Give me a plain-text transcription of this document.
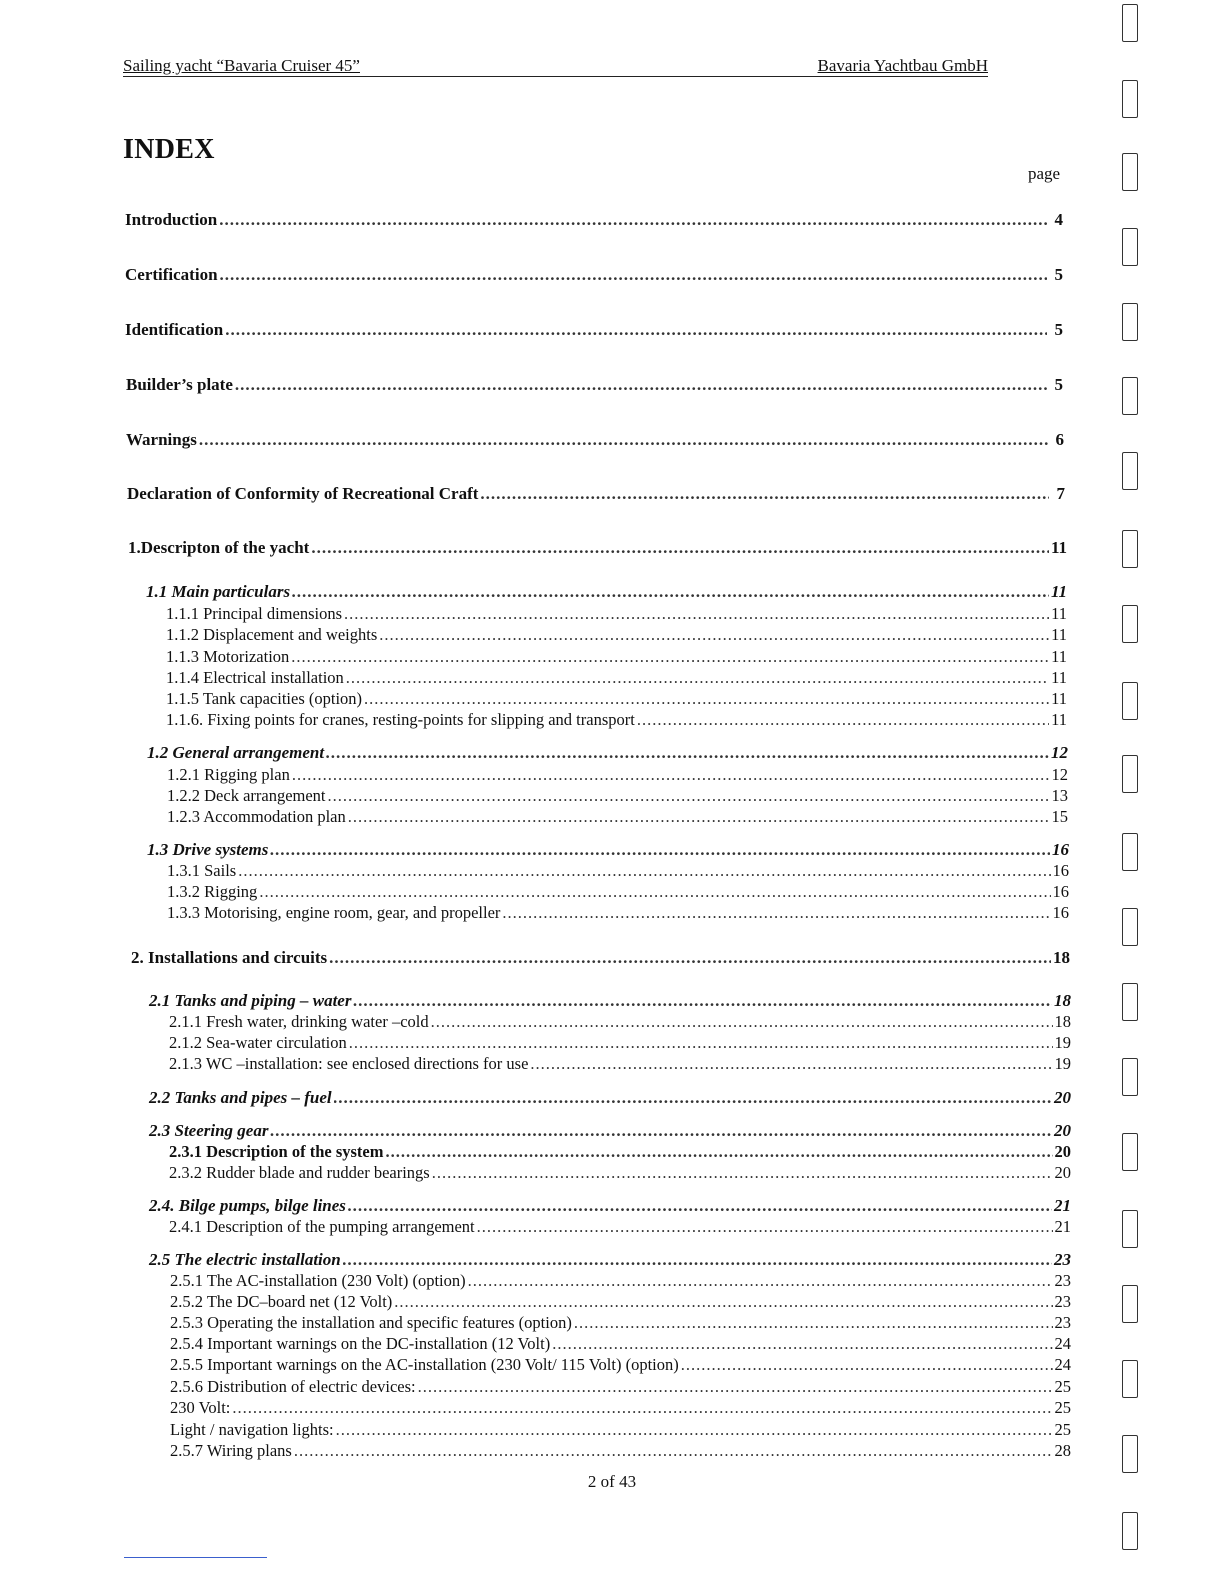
Sailing yacht “Bavaria Cruiser 45”	Bavaria Yachtbau GmbH
INDEX
page
Introduction .....	4
Certification .....	5
Identification .....	5
Builder’s plate .....	5
Warnings .....	6
Declaration of Conformity of Recreational Craft .....	7
1.Descripton of the yacht .....	11
1.1 Main particulars .....	11
1.1.1 Principal dimensions .....	11
1.1.2 Displacement and weights .....	11
1.1.3 Motorization .....	11
1.1.4 Electrical installation .....	11
1.1.5 Tank capacities (option) .....	11
1.1.6. Fixing points for cranes, resting-points for slipping and transport .....	11
1.2 General arrangement .....	12
1.2.1 Rigging plan .....	12
1.2.2 Deck arrangement .....	13
1.2.3 Accommodation plan .....	15
1.3 Drive systems .....	16
1.3.1 Sails .....	16
1.3.2 Rigging .....	16
1.3.3 Motorising, engine room, gear, and propeller .....	16
2. Installations and circuits .....	18
2.1 Tanks and piping – water .....	18
2.1.1 Fresh water, drinking water –cold .....	18
2.1.2 Sea-water circulation .....	19
2.1.3 WC –installation: see enclosed directions for use .....	19
2.2 Tanks and pipes – fuel .....	20
2.3 Steering gear .....	20
2.3.1 Description of the system .....	20
2.3.2 Rudder blade and rudder bearings .....	20
2.4. Bilge pumps, bilge lines .....	21
2.4.1 Description of the pumping arrangement .....	21
2.5 The electric installation .....	23
2.5.1 The AC-installation (230 Volt) (option) .....	23
2.5.2 The DC–board net (12 Volt) .....	23
2.5.3 Operating the installation and specific features (option) .....	23
2.5.4 Important warnings on the DC-installation (12 Volt) .....	24
2.5.5 Important warnings on the AC-installation (230 Volt/ 115 Volt) (option) .....	24
2.5.6 Distribution of electric devices: .....	25
230 Volt: .....	25
Light / navigation lights: .....	25
2.5.7 Wiring plans .....	28
2 of 43
